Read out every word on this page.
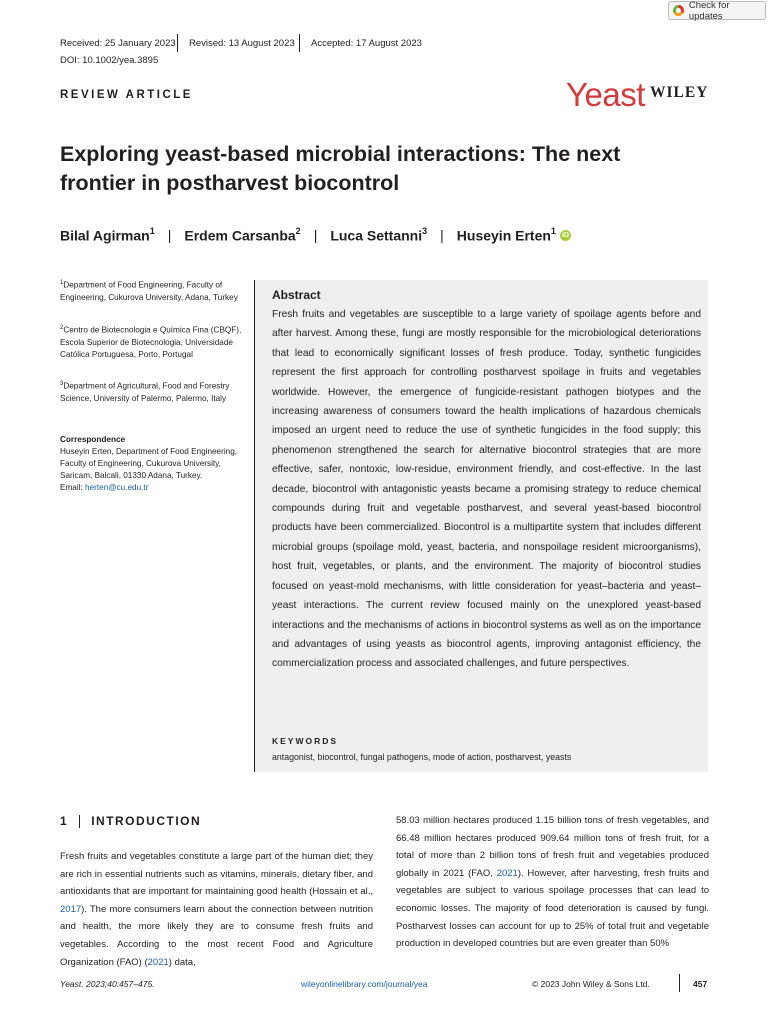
Check for updates
Received: 25 January 2023 Revised: 13 August 2023 Accepted: 17 August 2023
DOI: 10.1002/yea.3895
REVIEW ARTICLE	Yeast WILEY
Exploring yeast-based microbial interactions: The next frontier in postharvest biocontrol
Bilal Agirman$^1$ | Erdem Carsanba$^2$ | Luca Settanni$^3$ | Huseyin Erten$^1$ iD
$^1$Department of Food Engineering, Faculty of Engineering, Cukurova University, Adana, Turkey
$^2$Centro de Biotecnologia e Química Fina (CBQF), Escola Superior de Biotecnologia, Universidade Católica Portuguesa, Porto, Portugal
$^3$Department of Agricultural, Food and Forestry Science, University of Palermo, Palermo, Italy
Correspondence
Huseyin Erten, Department of Food Engineering, Faculty of Engineering, Cukurova University, Saricam, Balcali, 01330 Adana, Turkey.
Email: herten@cu.edu.tr
Abstract
Fresh fruits and vegetables are susceptible to a large variety of spoilage agents before and after harvest. Among these, fungi are mostly responsible for the microbiological deteriorations that lead to economically significant losses of fresh produce. Today, synthetic fungicides represent the first approach for controlling postharvest spoilage in fruits and vegetables worldwide. However, the emergence of fungicide-resistant pathogen biotypes and the increasing awareness of consumers toward the health implications of hazardous chemicals imposed an urgent need to reduce the use of synthetic fungicides in the food supply; this phenomenon strengthened the search for alternative biocontrol strategies that are more effective, safer, nontoxic, low-residue, environment friendly, and cost-effective. In the last decade, biocontrol with antagonistic yeasts became a promising strategy to reduce chemical compounds during fruit and vegetable postharvest, and several yeast-based biocontrol products have been commercialized. Biocontrol is a multipartite system that includes different microbial groups (spoilage mold, yeast, bacteria, and nonspoilage resident microorganisms), host fruit, vegetables, or plants, and the environment. The majority of biocontrol studies focused on yeast-mold mechanisms, with little consideration for yeast–bacteria and yeast–yeast interactions. The current review focused mainly on the unexplored yeast-based interactions and the mechanisms of actions in biocontrol systems as well as on the importance and advantages of using yeasts as biocontrol agents, improving antagonist efficiency, the commercialization process and associated challenges, and future perspectives.
KEYWORDS
antagonist, biocontrol, fungal pathogens, mode of action, postharvest, yeasts
1 INTRODUCTION
Fresh fruits and vegetables constitute a large part of the human diet; they are rich in essential nutrients such as vitamins, minerals, dietary fiber, and antioxidants that are important for maintaining good health (Hossain et al., 2017). The more consumers learn about the connection between nutrition and health, the more likely they are to consume fresh fruits and vegetables. According to the most recent Food and Agriculture Organization (FAO) (2021) data,
58.03 million hectares produced 1.15 billion tons of fresh vegetables, and 66.48 million hectares produced 909.64 million tons of fresh fruit, for a total of more than 2 billion tons of fresh fruit and vegetables produced globally in 2021 (FAO, 2021). However, after harvesting, fresh fruits and vegetables are subject to various spoilage processes that can lead to economic losses. The majority of food deterioration is caused by fungi. Postharvest losses can account for up to 25% of total fruit and vegetable production in developed countries but are even greater than 50%
Yeast. 2023;40:457–475.	wileyonlinelibrary.com/journal/yea	© 2023 John Wiley & Sons Ltd.	457
